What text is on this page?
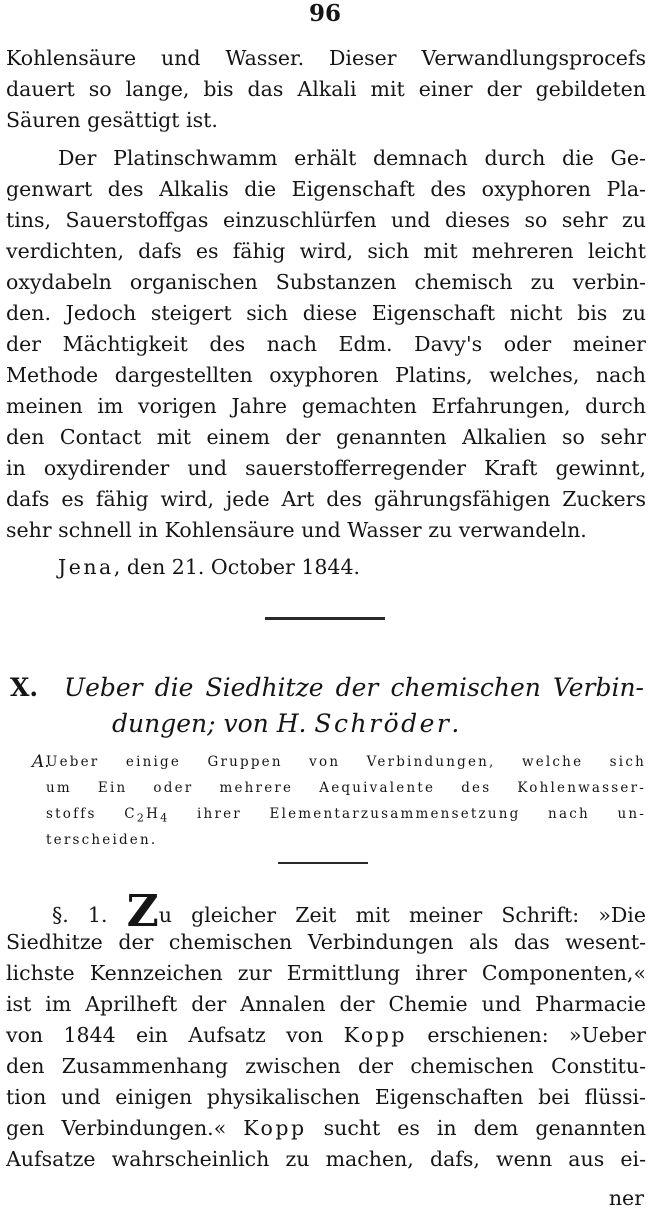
96
Kohlensäure und Wasser. Dieser Verwandlungsprocefs
dauert so lange, bis das Alkali mit einer der gebildeten
Säuren gesättigt ist.
Der Platinschwamm erhält demnach durch die Ge-
genwart des Alkalis die Eigenschaft des oxyphoren Pla-
tins, Sauerstoffgas einzuschlürfen und dieses so sehr zu
verdichten, dafs es fähig wird, sich mit mehreren leicht
oxydabeln organischen Substanzen chemisch zu verbin-
den. Jedoch steigert sich diese Eigenschaft nicht bis zu
der Mächtigkeit des nach Edm. Davy's oder meiner
Methode dargestellten oxyphoren Platins, welches, nach
meinen im vorigen Jahre gemachten Erfahrungen, durch
den Contact mit einem der genannten Alkalien so sehr
in oxydirender und sauerstofferregender Kraft gewinnt,
dafs es fähig wird, jede Art des gährungsfähigen Zuckers
sehr schnell in Kohlensäure und Wasser zu verwandeln.
Jena, den 21. October 1844.
X. Ueber die Siedhitze der chemischen Verbin-
dungen; von H. Schröder.
A.
Ueber einige Gruppen von Verbindungen, welche sich
um Ein oder mehrere Aequivalente des Kohlenwasser-
stoffs $C_2H_4$ ihrer Elementarzusammensetzung nach un-
terscheiden.
§. 1. Zu gleicher Zeit mit meiner Schrift: »Die
Siedhitze der chemischen Verbindungen als das wesent-
lichste Kennzeichen zur Ermittlung ihrer Componenten,«
ist im Aprilheft der Annalen der Chemie und Pharmacie
von 1844 ein Aufsatz von Kopp erschienen: »Ueber
den Zusammenhang zwischen der chemischen Constitu-
tion und einigen physikalischen Eigenschaften bei flüssi-
gen Verbindungen.« Kopp sucht es in dem genannten
Aufsatze wahrscheinlich zu machen, dafs, wenn aus ei-
ner
